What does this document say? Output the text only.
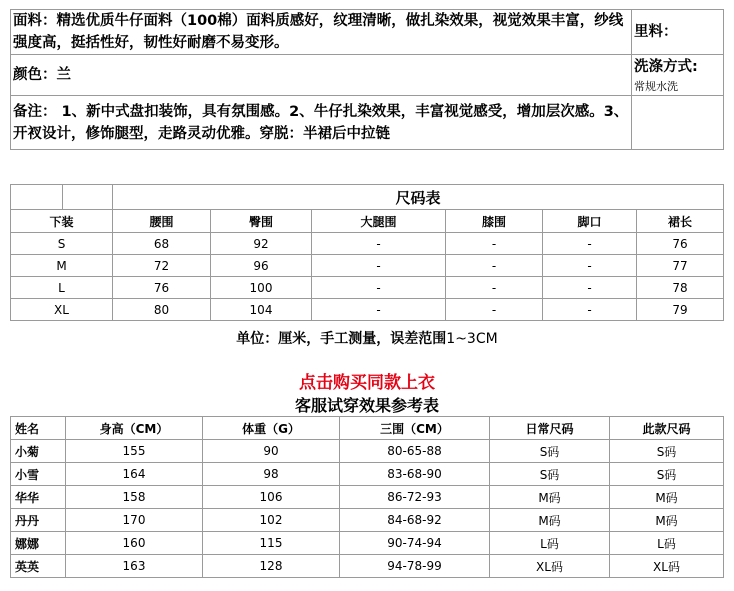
面料：精选优质牛仔面料（100棉）面料质感好，纹理清晰，做扎染效果，视觉效果丰富，纱线强度高，挺括性好，韧性好耐磨不易变形。	里料：
颜色：兰	洗涤方式:
常规水洗

备注： 1、新中式盘扣装饰，具有氛围感。2、牛仔扎染效果，丰富视觉感受，增加层次感。3、开衩设计，修饰腿型，走路灵动优雅。穿脱：半裙后中拉链	
		尺码表					
下装		腰围	臀围	大腿围	膝围	脚口	裙长
S		68	92	-	-	-	76
M		72	96	-	-	-	77
L		76	100	-	-	-	78
XL		80	104	-	-	-	79
单位：厘米，手工测量，误差范围1~3CM
点击购买同款上衣
客服试穿效果参考表
姓名	身高（CM）	体重（G）	三围（CM）	日常尺码	此款尺码
小菊	155	90	80-65-88	S码	S码
小雪	164	98	83-68-90	S码	S码
华华	158	106	86-72-93	M码	M码
丹丹	170	102	84-68-92	M码	M码
娜娜	160	115	90-74-94	L码	L码
英英	163	128	94-78-99	XL码	XL码
